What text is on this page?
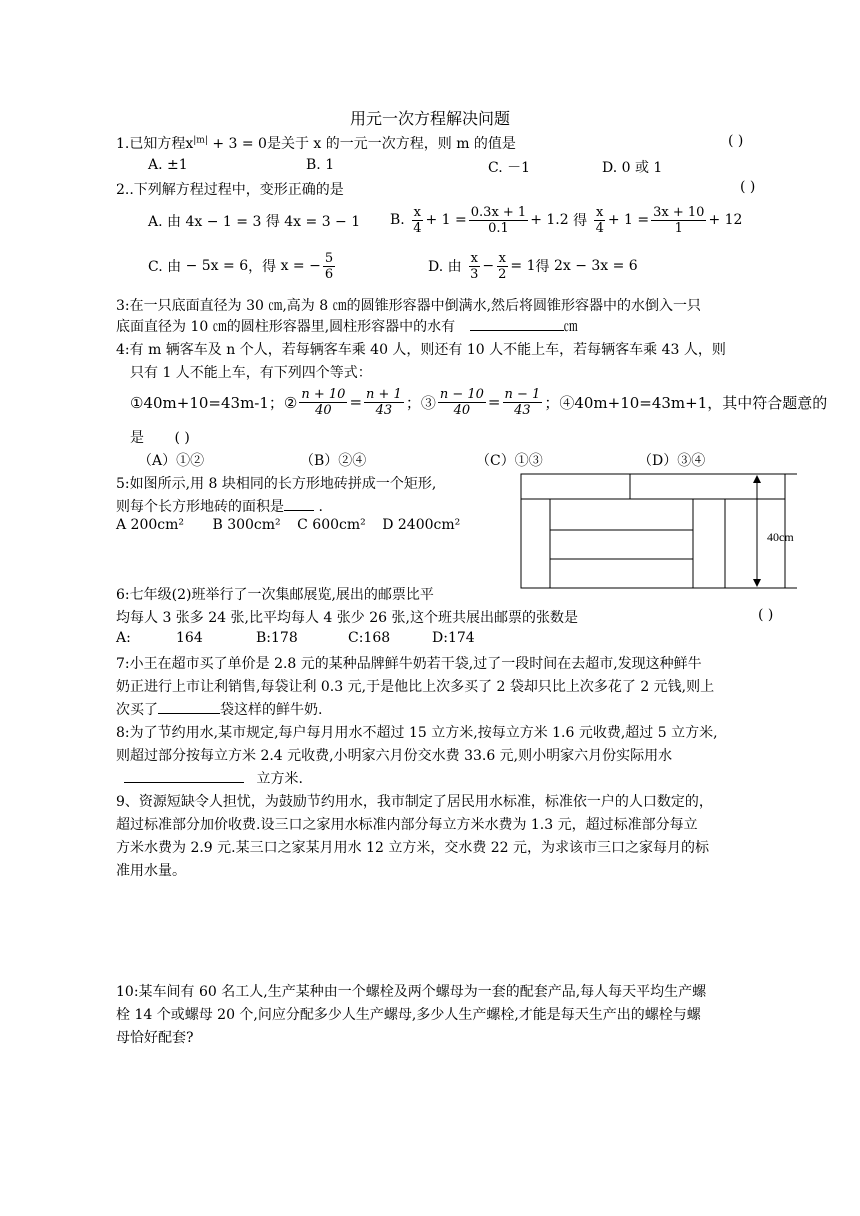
用元一次方程解决问题
1.已知方程$x^{|m|} + 3 = 0$是关于 x 的一元一次方程，则 m 的值是	( )
A. ±1	B. 1	C. －1	D. 0 或 1
2..下列解方程过程中，变形正确的是	( )
A. 由 4x − 1 = 3 得 4x = 3 − 1 B.
$\frac{x}{4} + 1 = \frac{0.3x + 1}{0.1} + 1.2$
得
$\frac{x}{4} + 1 = \frac{3x + 10}{1} + 12$
C. 由
− 5x = 6 ，得
x = − $\frac{5}{6}$	D. 由
$\frac{x}{3} - \frac{x}{2} = 1$ 得
2x − 3x = 6
3:在一只底面直径为 30 ㎝,高为 8 ㎝的圆锥形容器中倒满水,然后将圆锥形容器中的水倒入一只
底面直径为 10 ㎝的圆柱形容器里,圆柱形容器中的水有	㎝
4:有 m 辆客车及 n 个人，若每辆客车乘 40 人，则还有 10 人不能上车，若每辆客车乘 43 人，则
只有 1 人不能上车，有下列四个等式：
①40m+10=43m-1；② $\frac{n + 10}{40} = \frac{n + 1}{43}$ ；③ $\frac{n - 10}{40} = \frac{n - 1}{43}$ ；④40m+10=43m+1，其中符合题意的
是 ( )
（A）①②	（B）②④	（C）①③	（D）③④
5:如图所示,用 8 块相同的长方形地砖拼成一个矩形,
则每个长方形地砖的面积是 .
A 200cm² B 300cm² C 600cm² D 2400cm²
40cm
6:七年级(2)班举行了一次集邮展览,展出的邮票比平
均每人 3 张多 24 张,比平均每人 4 张少 26 张,这个班共展出邮票的张数是	( )
A:	164	B:178	C:168	D:174
7:小王在超市买了单价是 2.8 元的某种品牌鲜牛奶若干袋,过了一段时间在去超市,发现这种鲜牛
奶正进行上市让利销售,每袋让利 0.3 元,于是他比上次多买了 2 袋却只比上次多花了 2 元钱,则上
次买了	袋这样的鲜牛奶.
8:为了节约用水,某市规定,每户每月用水不超过 15 立方米,按每立方米 1.6 元收费,超过 5 立方米,
则超过部分按每立方米 2.4 元收费,小明家六月份交水费 33.6 元,则小明家六月份实际用水
立方米.
9、资源短缺令人担忧，为鼓励节约用水，我市制定了居民用水标准，标准依一户的人口数定的，
超过标准部分加价收费.设三口之家用水标准内部分每立方米水费为 1.3 元，超过标准部分每立
方米水费为 2.9 元.某三口之家某月用水 12 立方米，交水费 22 元，为求该市三口之家每月的标
准用水量。
10:某车间有 60 名工人,生产某种由一个螺栓及两个螺母为一套的配套产品,每人每天平均生产螺
栓 14 个或螺母 20 个,问应分配多少人生产螺母,多少人生产螺栓,才能是每天生产出的螺栓与螺
母恰好配套?
